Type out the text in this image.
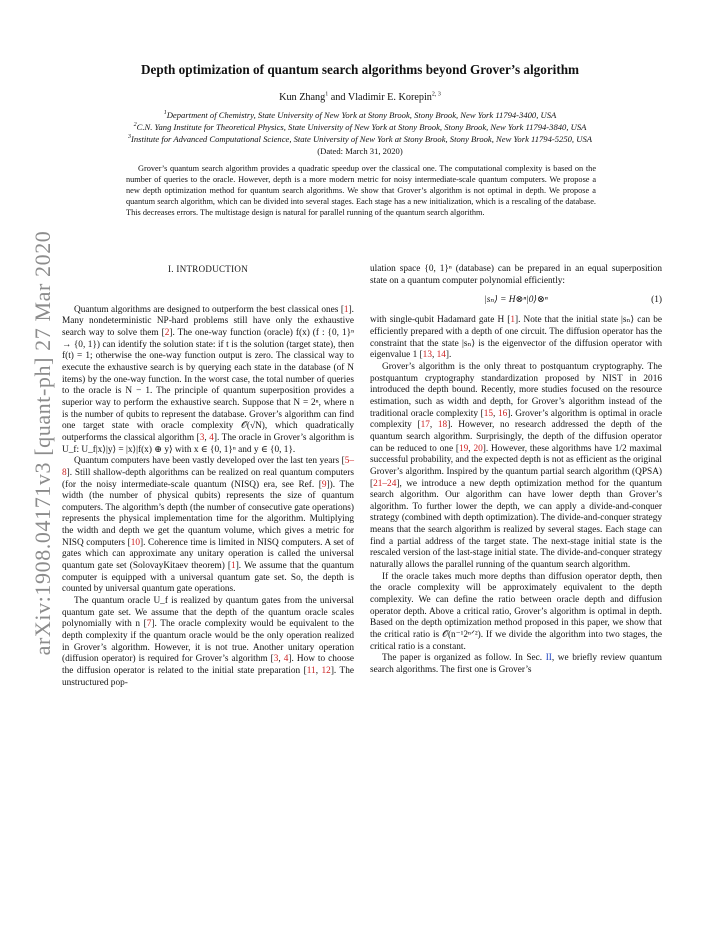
arXiv:1908.04171v3 [quant-ph] 27 Mar 2020
Depth optimization of quantum search algorithms beyond Grover’s algorithm
Kun Zhang$^1$ and Vladimir E. Korepin$^{2, 3}$
$^1$Department of Chemistry, State University of New York at Stony Brook, Stony Brook, New York 11794-3400, USA
$^2$C.N. Yang Institute for Theoretical Physics, State University of New York at Stony Brook, Stony Brook, New York 11794-3840, USA
$^3$Institute for Advanced Computational Science, State University of New York at Stony Brook, Stony Brook, New York 11794-5250, USA
(Dated: March 31, 2020)

Grover’s quantum search algorithm provides a quadratic speedup over the classical one. The computational complexity is based on the number of queries to the oracle. However, depth is a more modern metric for noisy intermediate-scale quantum computers. We propose a new depth optimization method for quantum search algorithms. We show that Grover’s algorithm is not optimal in depth. We propose a quantum search algorithm, which can be divided into several stages. Each stage has a new initialization, which is a rescaling of the database. This decreases errors. The multistage design is natural for parallel running of the quantum search algorithm.

I. INTRODUCTION

Quantum algorithms are designed to outperform the best classical ones [1]. Many nondeterministic NP-hard problems still have only the exhaustive search way to solve them [2]. The one-way function (oracle) f(x) (f : {0, 1}ⁿ → {0, 1}) can identify the solution state: if t is the solution (target state), then f(t) = 1; otherwise the one-way function output is zero. The classical way to execute the exhaustive search is by querying each state in the database (of N items) by the one-way function. In the worst case, the total number of queries to the oracle is N − 1. The principle of quantum superposition provides a superior way to perform the exhaustive search. Suppose that N = 2ⁿ, where n is the number of qubits to represent the database. Grover’s algorithm can find one target state with oracle complexity 𝒪(√N), which quadratically outperforms the classical algorithm [3, 4]. The oracle in Grover’s algorithm is U_f: U_f|x⟩|y⟩ = |x⟩|f(x) ⊕ y⟩ with x ∈ {0, 1}ⁿ and y ∈ {0, 1}.

Quantum computers have been vastly developed over the last ten years [5–8]. Still shallow-depth algorithms can be realized on real quantum computers (for the noisy intermediate-scale quantum (NISQ) era, see Ref. [9]). The width (the number of physical qubits) represents the size of quantum computers. The algorithm’s depth (the number of consecutive gate operations) represents the physical implementation time for the algorithm. Multiplying the width and depth we get the quantum volume, which gives a metric for NISQ computers [10]. Coherence time is limited in NISQ computers. A set of gates which can approximate any unitary operation is called the universal quantum gate set (SolovayKitaev theorem) [1]. We assume that the quantum computer is equipped with a universal quantum gate set. So, the depth is counted by universal quantum gate operations.

The quantum oracle U_f is realized by quantum gates from the universal quantum gate set. We assume that the depth of the quantum oracle scales polynomially with n [7]. The oracle complexity would be equivalent to the depth complexity if the quantum oracle would be the only operation realized in Grover’s algorithm. However, it is not true. Another unitary operation (diffusion operator) is required for Grover’s algorithm [3, 4]. How to choose the diffusion operator is related to the initial state preparation [11, 12]. The unstructured pop-

ulation space {0, 1}ⁿ (database) can be prepared in an equal superposition state on a quantum computer polynomial efficiently:

|sₙ⟩ = H⊗ⁿ|0⟩⊗ⁿ	(1)

with single-qubit Hadamard gate H [1]. Note that the initial state |sₙ⟩ can be efficiently prepared with a depth of one circuit. The diffusion operator has the constraint that the state |sₙ⟩ is the eigenvector of the diffusion operator with eigenvalue 1 [13, 14].

Grover’s algorithm is the only threat to postquantum cryptography. The postquantum cryptography standardization proposed by NIST in 2016 introduced the depth bound. Recently, more studies focused on the resource estimation, such as width and depth, for Grover’s algorithm instead of the traditional oracle complexity [15, 16]. Grover’s algorithm is optimal in oracle complexity [17, 18]. However, no research addressed the depth of the quantum search algorithm. Surprisingly, the depth of the diffusion operator can be reduced to one [19, 20]. However, these algorithms have 1/2 maximal successful probability, and the expected depth is not as efficient as the original Grover’s algorithm. Inspired by the quantum partial search algorithm (QPSA) [21–24], we introduce a new depth optimization method for the quantum search algorithm. Our algorithm can have lower depth than Grover’s algorithm. To further lower the depth, we can apply a divide-and-conquer strategy (combined with depth optimization). The divide-and-conquer strategy means that the search algorithm is realized by several stages. Each stage can find a partial address of the target state. The next-stage initial state is the rescaled version of the last-stage initial state. The divide-and-conquer strategy naturally allows the parallel running of the quantum search algorithm.

If the oracle takes much more depths than diffusion operator depth, then the oracle complexity will be approximately equivalent to the depth complexity. We can define the ratio between oracle depth and diffusion operator depth. Above a critical ratio, Grover’s algorithm is optimal in depth. Based on the depth optimization method proposed in this paper, we show that the critical ratio is 𝒪(n⁻¹2ⁿᐟ²). If we divide the algorithm into two stages, the critical ratio is a constant.

The paper is organized as follow. In Sec. II, we briefly review quantum search algorithms. The first one is Grover’s
